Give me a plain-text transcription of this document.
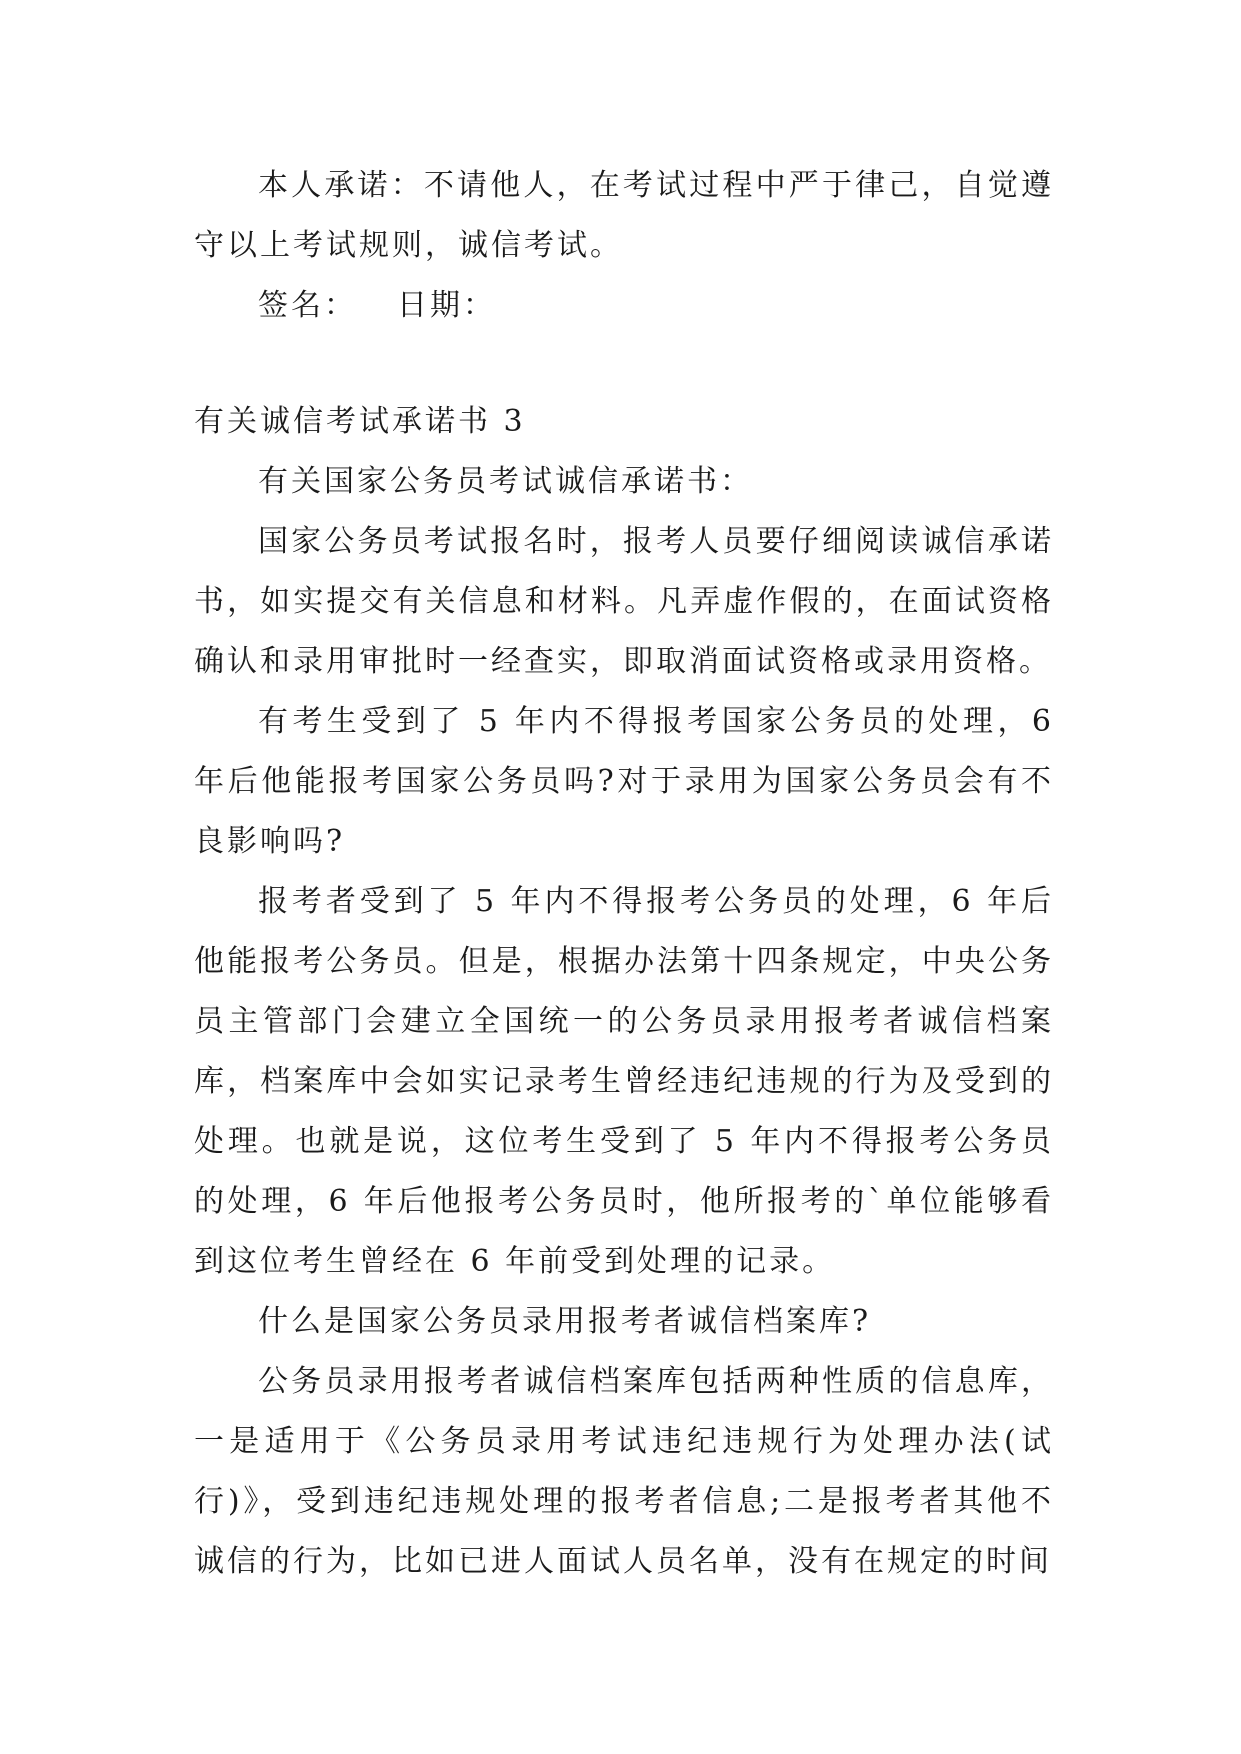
本人承诺：不请他人，在考试过程中严于律己，自觉遵守以上考试规则，诚信考试。

签名： 日期：

有关诚信考试承诺书 3

有关国家公务员考试诚信承诺书：

国家公务员考试报名时，报考人员要仔细阅读诚信承诺书，如实提交有关信息和材料。凡弄虚作假的，在面试资格确认和录用审批时一经查实，即取消面试资格或录用资格。

有考生受到了 5 年内不得报考国家公务员的处理，6 年后他能报考国家公务员吗?对于录用为国家公务员会有不良影响吗?

报考者受到了 5 年内不得报考公务员的处理，6 年后他能报考公务员。但是，根据办法第十四条规定，中央公务员主管部门会建立全国统一的公务员录用报考者诚信档案库，档案库中会如实记录考生曾经违纪违规的行为及受到的处理。也就是说，这位考生受到了 5 年内不得报考公务员的处理，6 年后他报考公务员时，他所报考的`单位能够看到这位考生曾经在 6 年前受到处理的记录。

什么是国家公务员录用报考者诚信档案库?

公务员录用报考者诚信档案库包括两种性质的信息库，一是适用于《公务员录用考试违纪违规行为处理办法(试行)》，受到违纪违规处理的报考者信息;二是报考者其他不诚信的行为，比如已进人面试人员名单，没有在规定的时间
